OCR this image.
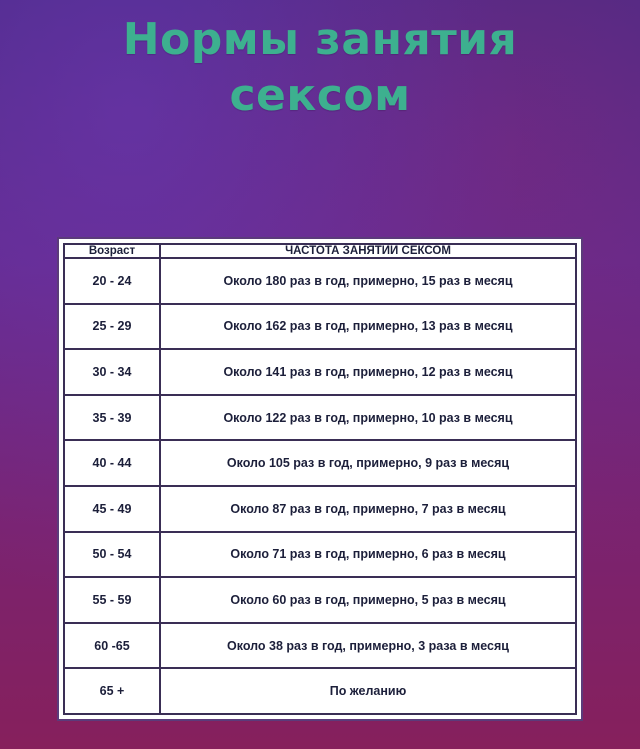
Нормы занятия
сексом
Возраст	ЧАСТОТА ЗАНЯТИЙ СЕКСОМ
20 - 24	Около 180 раз в год, примерно, 15 раз в месяц
25 - 29	Около 162 раз в год, примерно, 13 раз в месяц
30 - 34	Около 141 раз в год, примерно, 12 раз в месяц
35 - 39	Около 122 раз в год, примерно, 10 раз в месяц
40 - 44	Около 105 раз в год, примерно, 9 раз в месяц
45 - 49	Около 87 раз в год, примерно, 7 раз в месяц
50 - 54	Около 71 раз в год, примерно, 6 раз в месяц
55 - 59	Около 60 раз в год, примерно, 5 раз в месяц
60 -65	Около 38 раз в год, примерно, 3 раза в месяц
65 +	По желанию
